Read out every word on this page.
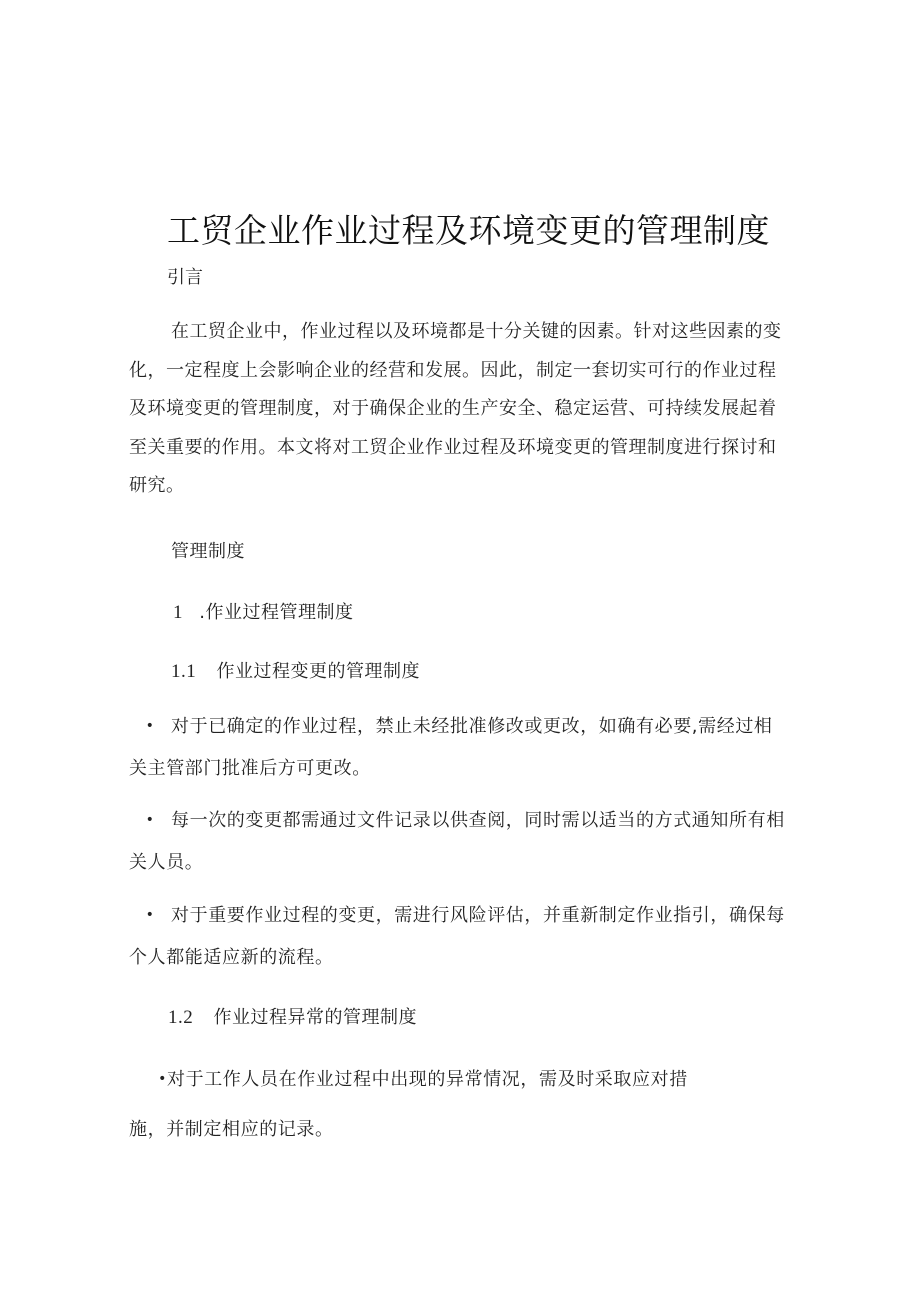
工贸企业作业过程及环境变更的管理制度
引言
在工贸企业中，作业过程以及环境都是十分关键的因素。针对这些因素的变化，一定程度上会影响企业的经营和发展。因此，制定一套切实可行的作业过程及环境变更的管理制度，对于确保企业的生产安全、稳定运营、可持续发展起着至关重要的作用。本文将对工贸企业作业过程及环境变更的管理制度进行探讨和研究。
管理制度
1 .作业过程管理制度
1.1 作业过程变更的管理制度
• 对于已确定的作业过程，禁止未经批准修改或更改，如确有必要,需经过相关主管部门批准后方可更改。
• 每一次的变更都需通过文件记录以供查阅，同时需以适当的方式通知所有相关人员。
• 对于重要作业过程的变更，需进行风险评估，并重新制定作业指引，确保每个人都能适应新的流程。
1.2 作业过程异常的管理制度
•对于工作人员在作业过程中出现的异常情况，需及时采取应对措施，并制定相应的记录。
